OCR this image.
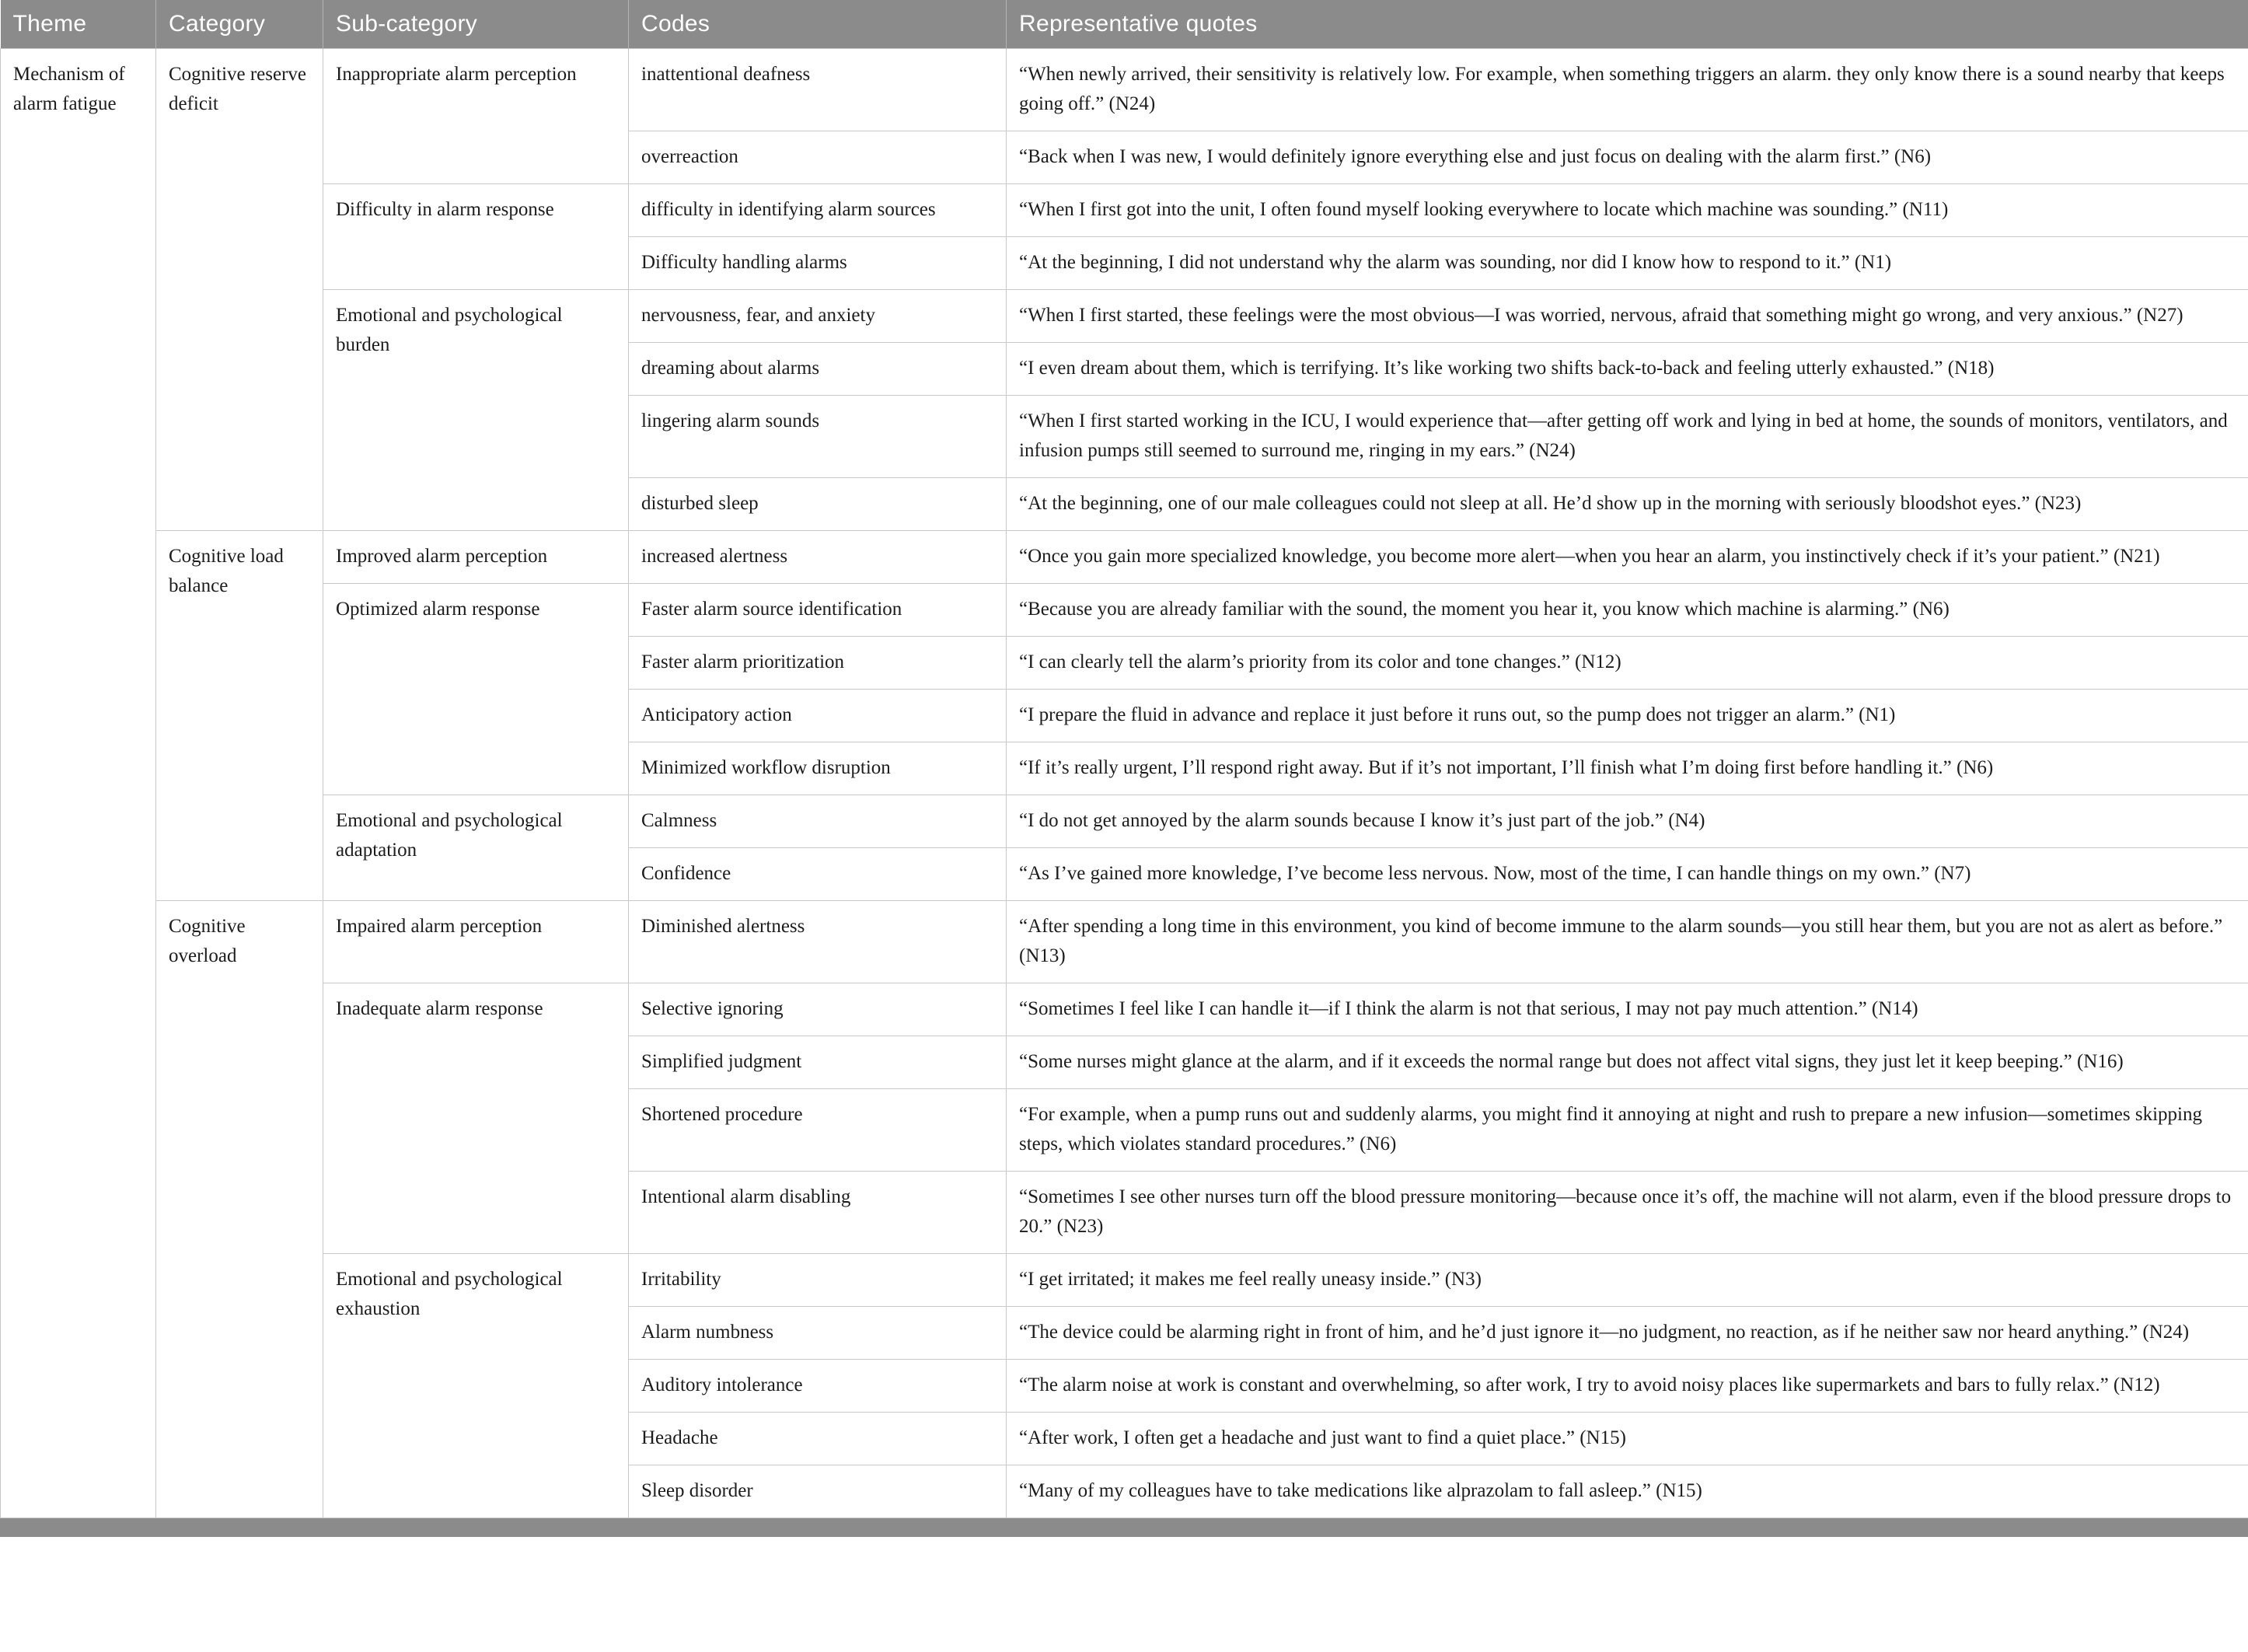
Theme	Category	Sub-category	Codes	Representative quotes
Mechanism of alarm fatigue	Cognitive reserve deficit	Inappropriate alarm perception	inattentional deafness	“When newly arrived, their sensitivity is relatively low. For example, when something triggers an alarm. they only know there is a sound nearby that keeps going off.” (N24)
			overreaction	“Back when I was new, I would definitely ignore everything else and just focus on dealing with the alarm first.” (N6)
		Difficulty in alarm response	difficulty in identifying alarm sources	“When I first got into the unit, I often found myself looking everywhere to locate which machine was sounding.” (N11)
			Difficulty handling alarms	“At the beginning, I did not understand why the alarm was sounding, nor did I know how to respond to it.” (N1)
		Emotional and psychological burden	nervousness, fear, and anxiety	“When I first started, these feelings were the most obvious—I was worried, nervous, afraid that something might go wrong, and very anxious.” (N27)
			dreaming about alarms	“I even dream about them, which is terrifying. It’s like working two shifts back-to-back and feeling utterly exhausted.” (N18)
			lingering alarm sounds	“When I first started working in the ICU, I would experience that—after getting off work and lying in bed at home, the sounds of monitors, ventilators, and infusion pumps still seemed to surround me, ringing in my ears.” (N24)
			disturbed sleep	“At the beginning, one of our male colleagues could not sleep at all. He’d show up in the morning with seriously bloodshot eyes.” (N23)
	Cognitive load balance	Improved alarm perception	increased alertness	“Once you gain more specialized knowledge, you become more alert—when you hear an alarm, you instinctively check if it’s your patient.” (N21)
		Optimized alarm response	Faster alarm source identification	“Because you are already familiar with the sound, the moment you hear it, you know which machine is alarming.” (N6)
			Faster alarm prioritization	“I can clearly tell the alarm’s priority from its color and tone changes.” (N12)
			Anticipatory action	“I prepare the fluid in advance and replace it just before it runs out, so the pump does not trigger an alarm.” (N1)
			Minimized workflow disruption	“If it’s really urgent, I’ll respond right away. But if it’s not important, I’ll finish what I’m doing first before handling it.” (N6)
		Emotional and psychological adaptation	Calmness	“I do not get annoyed by the alarm sounds because I know it’s just part of the job.” (N4)
			Confidence	“As I’ve gained more knowledge, I’ve become less nervous. Now, most of the time, I can handle things on my own.” (N7)
	Cognitive overload	Impaired alarm perception	Diminished alertness	“After spending a long time in this environment, you kind of become immune to the alarm sounds—you still hear them, but you are not as alert as before.” (N13)
		Inadequate alarm response	Selective ignoring	“Sometimes I feel like I can handle it—if I think the alarm is not that serious, I may not pay much attention.” (N14)
			Simplified judgment	“Some nurses might glance at the alarm, and if it exceeds the normal range but does not affect vital signs, they just let it keep beeping.” (N16)
			Shortened procedure	“For example, when a pump runs out and suddenly alarms, you might find it annoying at night and rush to prepare a new infusion—sometimes skipping steps, which violates standard procedures.” (N6)
			Intentional alarm disabling	“Sometimes I see other nurses turn off the blood pressure monitoring—because once it’s off, the machine will not alarm, even if the blood pressure drops to 20.” (N23)
		Emotional and psychological exhaustion	Irritability	“I get irritated; it makes me feel really uneasy inside.” (N3)
			Alarm numbness	“The device could be alarming right in front of him, and he’d just ignore it—no judgment, no reaction, as if he neither saw nor heard anything.” (N24)
			Auditory intolerance	“The alarm noise at work is constant and overwhelming, so after work, I try to avoid noisy places like supermarkets and bars to fully relax.” (N12)
			Headache	“After work, I often get a headache and just want to find a quiet place.” (N15)
			Sleep disorder	“Many of my colleagues have to take medications like alprazolam to fall asleep.” (N15)
